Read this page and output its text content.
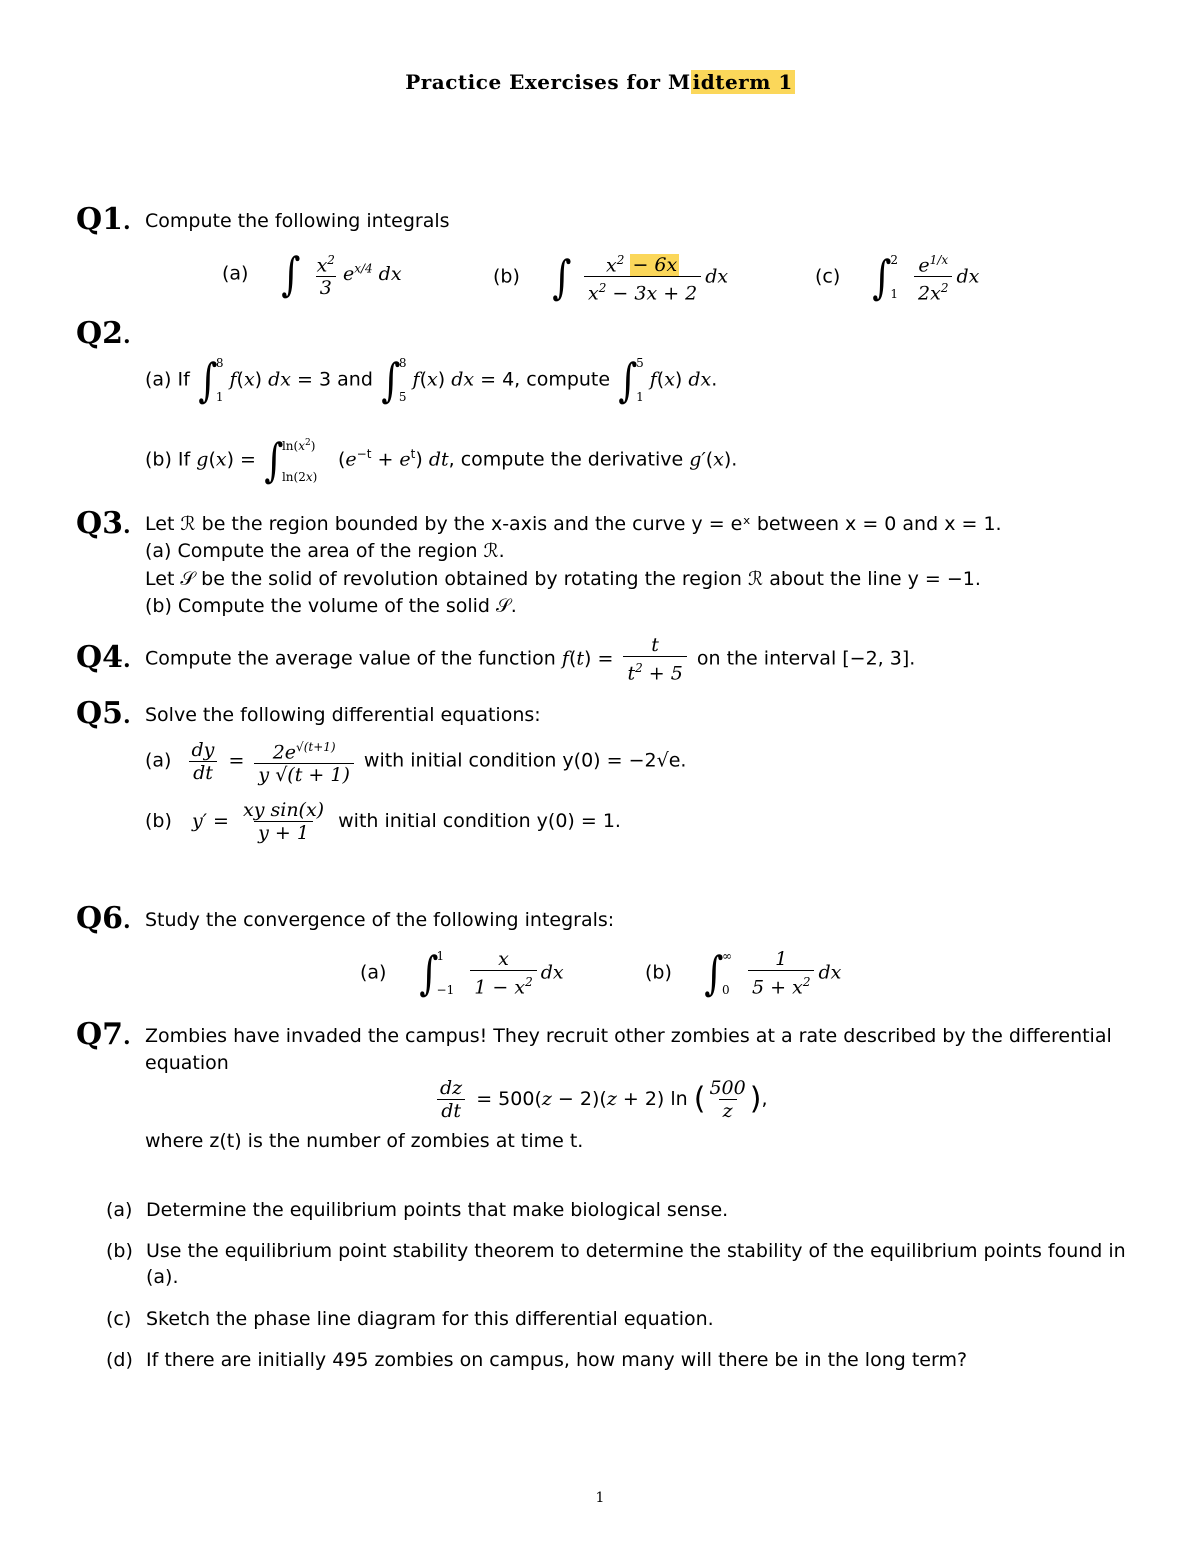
Practice Exercises for M idterm 1
Q1. Compute the following integrals
(a) ∫ $\frac{x^2}{3} e^{x/4}$ dx	(b) ∫ $\frac{x^2 - 6x}{x^2 - 3x + 2}$ dx	(c) ∫
2
1
$\frac{e^{1/x}}{2x^2}$ dx
Q2.
(a) If ∫
8
1
f(x) dx = 3 and ∫
8
5
f(x) dx = 4, compute ∫
5
1
f(x) dx.
(b) If g(x) = ∫
$\ln(x^2)$
ln(2x)
$(e^{-t} + e^t)$ dt, compute the derivative g′(x).
Q3. Let ℛ be the region bounded by the x-axis and the curve y = eˣ between x = 0 and x = 1.
(a) Compute the area of the region ℛ.
Let 𝒮 be the solid of revolution obtained by rotating the region ℛ about the line y = −1.
(b) Compute the volume of the solid 𝒮.
Q4. Compute the average value of the function $f(t) = \frac{t}{t^2 + 5}$ on the interval [−2, 3].
Q5. Solve the following differential equations:
$(a) \frac{dy}{dt} = \frac{2e^{√(t+1)}}{y √(t + 1)}$ with initial condition y(0) = −2√e.
(b) $y' = \frac{\text{xy sin(x)}}{y + 1}$ with initial condition y(0) = 1.
Q6. Study the convergence of the following integrals:
(a) ∫
1
−1
$\frac{x}{1 - x^2}$ dx	(b) ∫
∞
0
$\frac{1}{5 + x^2}$ dx
Q7. Zombies have invaded the campus! They recruit other zombies at a rate described by the differential equation
$\frac{dz}{dt} = 500(z - 2)(z + 2)$ ln ( $\frac{500}{z}$ ),
where z(t) is the number of zombies at time t.
(a) Determine the equilibrium points that make biological sense.
(b) Use the equilibrium point stability theorem to determine the stability of the equilibrium points found in (a).
(c) Sketch the phase line diagram for this differential equation.
(d) If there are initially 495 zombies on campus, how many will there be in the long term?
1
